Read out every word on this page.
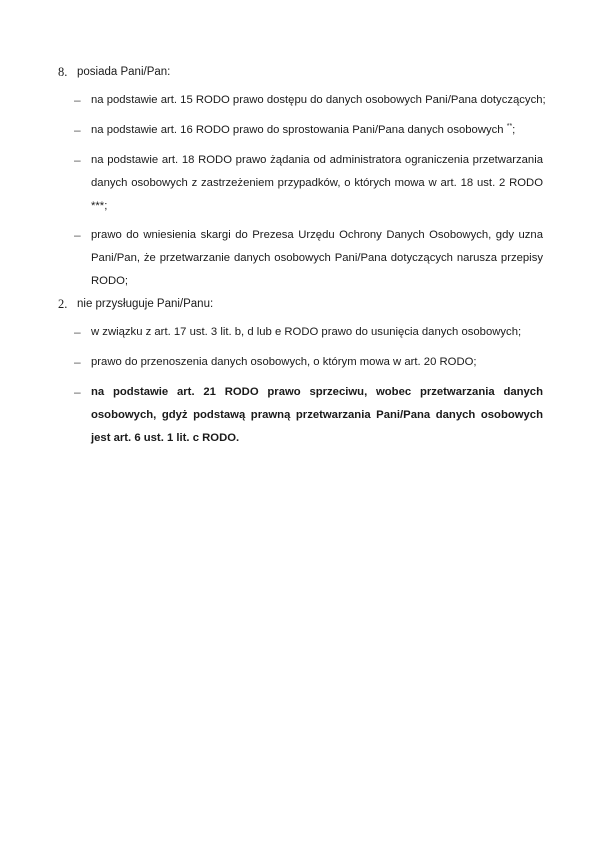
8. posiada Pani/Pan:
– na podstawie art. 15 RODO prawo dostępu do danych osobowych Pani/Pana dotyczących;
– na podstawie art. 16 RODO prawo do sprostowania Pani/Pana danych osobowych **;
– na podstawie art. 18 RODO prawo żądania od administratora ograniczenia przetwarzania danych osobowych z zastrzeżeniem przypadków, o których mowa w art. 18 ust. 2 RODO ***;
– prawo do wniesienia skargi do Prezesa Urzędu Ochrony Danych Osobowych, gdy uzna Pani/Pan, że przetwarzanie danych osobowych Pani/Pana dotyczących narusza przepisy RODO;
2. nie przysługuje Pani/Panu:
– w związku z art. 17 ust. 3 lit. b, d lub e RODO prawo do usunięcia danych osobowych;
– prawo do przenoszenia danych osobowych, o którym mowa w art. 20 RODO;
– na podstawie art. 21 RODO prawo sprzeciwu, wobec przetwarzania danych osobowych, gdyż podstawą prawną przetwarzania Pani/Pana danych osobowych jest art. 6 ust. 1 lit. c RODO.
